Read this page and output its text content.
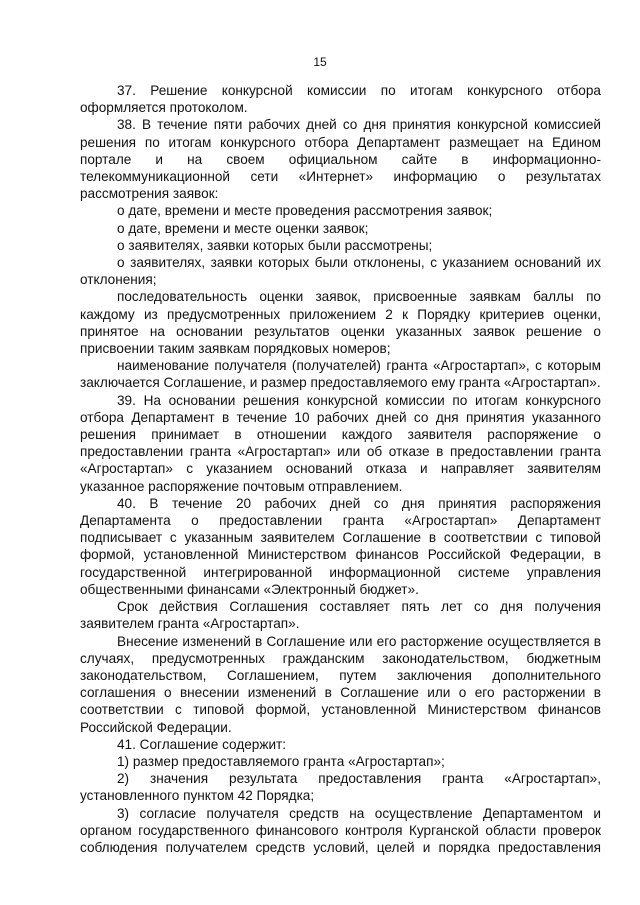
15

37. Решение конкурсной комиссии по итогам конкурсного отбора оформляется протоколом.

38. В течение пяти рабочих дней со дня принятия конкурсной комиссией решения по итогам конкурсного отбора Департамент размещает на Едином портале и на своем официальном сайте в информационно-телекоммуникационной сети «Интернет» информацию о результатах рассмотрения заявок:

о дате, времени и месте проведения рассмотрения заявок;

о дате, времени и месте оценки заявок;

о заявителях, заявки которых были рассмотрены;

о заявителях, заявки которых были отклонены, с указанием оснований их отклонения;

последовательность оценки заявок, присвоенные заявкам баллы по каждому из предусмотренных приложением 2 к Порядку критериев оценки, принятое на основании результатов оценки указанных заявок решение о присвоении таким заявкам порядковых номеров;

наименование получателя (получателей) гранта «Агростартап», с которым заключается Соглашение, и размер предоставляемого ему гранта «Агростартап».

39. На основании решения конкурсной комиссии по итогам конкурсного отбора Департамент в течение 10 рабочих дней со дня принятия указанного решения принимает в отношении каждого заявителя распоряжение о предоставлении гранта «Агростартап» или об отказе в предоставлении гранта «Агростартап» с указанием оснований отказа и направляет заявителям указанное распоряжение почтовым отправлением.

40. В течение 20 рабочих дней со дня принятия распоряжения Департамента о предоставлении гранта «Агростартап» Департамент подписывает с указанным заявителем Соглашение в соответствии с типовой формой, установленной Министерством финансов Российской Федерации, в государственной интегрированной информационной системе управления общественными финансами «Электронный бюджет».

Срок действия Соглашения составляет пять лет со дня получения заявителем гранта «Агростартап».

Внесение изменений в Соглашение или его расторжение осуществляется в случаях, предусмотренных гражданским законодательством, бюджетным законодательством, Соглашением, путем заключения дополнительного соглашения о внесении изменений в Соглашение или о его расторжении в соответствии с типовой формой, установленной Министерством финансов Российской Федерации.

41. Соглашение содержит:

1) размер предоставляемого гранта «Агростартап»;

2) значения результата предоставления гранта «Агростартап», установленного пунктом 42 Порядка;

3) согласие получателя средств на осуществление Департаментом и органом государственного финансового контроля Курганской области проверок соблюдения получателем средств условий, целей и порядка предоставления
